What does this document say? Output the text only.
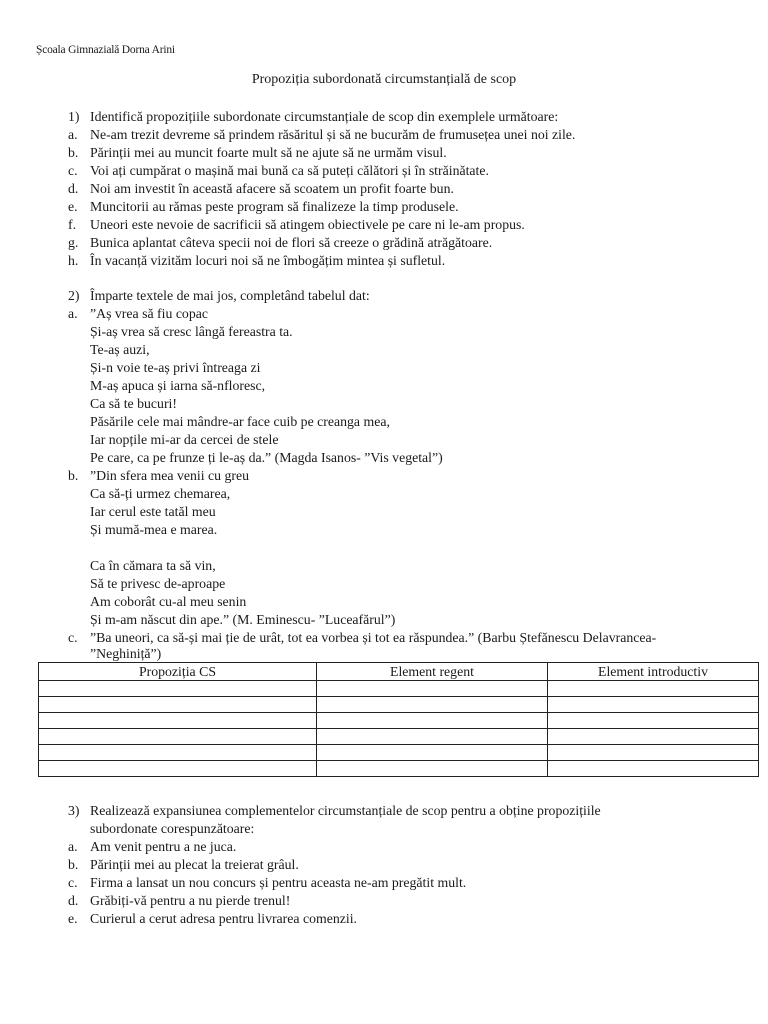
Școala Gimnazială Dorna Arini
Propoziția subordonată circumstanțială de scop
1) Identifică propozițiile subordonate circumstanțiale de scop din exemplele următoare:
a. Ne-am trezit devreme să prindem răsăritul și să ne bucurăm de frumusețea unei noi zile.
b. Părinții mei au muncit foarte mult să ne ajute să ne urmăm visul.
c. Voi ați cumpărat o mașină mai bună ca să puteți călători și în străinătate.
d. Noi am investit în această afacere să scoatem un profit foarte bun.
e. Muncitorii au rămas peste program să finalizeze la timp produsele.
f. Uneori este nevoie de sacrificii să atingem obiectivele pe care ni le-am propus.
g. Bunica aplantat câteva specii noi de flori să creeze o grădină atrăgătoare.
h. În vacanță vizităm locuri noi să ne îmbogățim mintea și sufletul.
2) Împarte textele de mai jos, completând tabelul dat:
a. ”Aș vrea să fiu copac
Și-aș vrea să cresc lângă fereastra ta.
Te-aș auzi,
Și-n voie te-aș privi întreaga zi
M-aș apuca și iarna să-nfloresc,
Ca să te bucuri!
Păsările cele mai mândre-ar face cuib pe creanga mea,
Iar nopțile mi-ar da cercei de stele
Pe care, ca pe frunze ți le-aș da.” (Magda Isanos- ”Vis vegetal”)
b. ”Din sfera mea venii cu greu
Ca să-ți urmez chemarea,
Iar cerul este tatăl meu
Și mumă-mea e marea.
Ca în cămara ta să vin,
Să te privesc de-aproape
Am coborât cu-al meu senin
Și m-am născut din ape.” (M. Eminescu- ”Luceafărul”)
c. ”Ba uneori, ca să-și mai ție de urât, tot ea vorbea și tot ea răspundea.” (Barbu Ștefănescu Delavrancea-
”Neghiniță”)
Propoziția CS	Element regent	Element introductiv

3) Realizează expansiunea complementelor circumstanțiale de scop pentru a obține propozițiile
subordonate corespunzătoare:
a. Am venit pentru a ne juca.
b. Părinții mei au plecat la treierat grâul.
c. Firma a lansat un nou concurs și pentru aceasta ne-am pregătit mult.
d. Grăbiți-vă pentru a nu pierde trenul!
e. Curierul a cerut adresa pentru livrarea comenzii.
